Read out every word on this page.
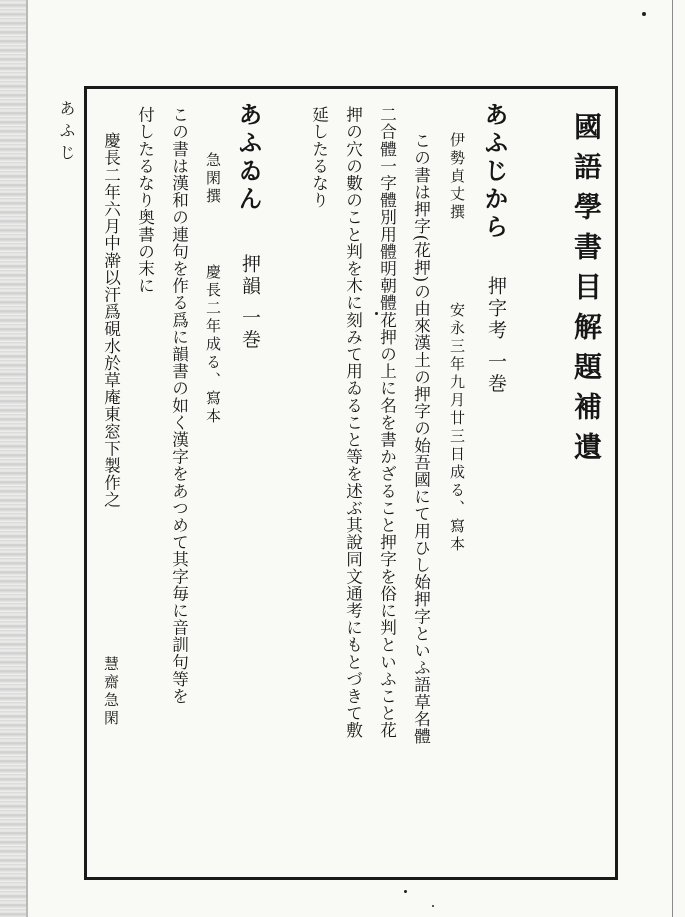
あふじ	國語學書目解題補遺
あふじから
押字考 一巻
伊勢貞丈撰
安永三年九月廿三日成る、寫本
この書は押字(花押)の由來漢土の押字の始吾國にて用ひし始押字といふ語草名體
二合體一字體別用體明朝體花押の上に名を書かざること押字を俗に判といふこと花
押の穴の數のこと判を木に刻みて用ゐること等を述ぶ其說同文通考にもとづきて敷
延したるなり
あふゐん
押韻 一巻
急閑撰
慶長二年成る、寫本
この書は漢和の連句を作る爲に韻書の如く漢字をあつめて其字毎に音訓句等を
付したるなり奥書の末に
慶長二年六月中澣以汗爲硯水於草庵東窓下製作之
慧齋急閑
